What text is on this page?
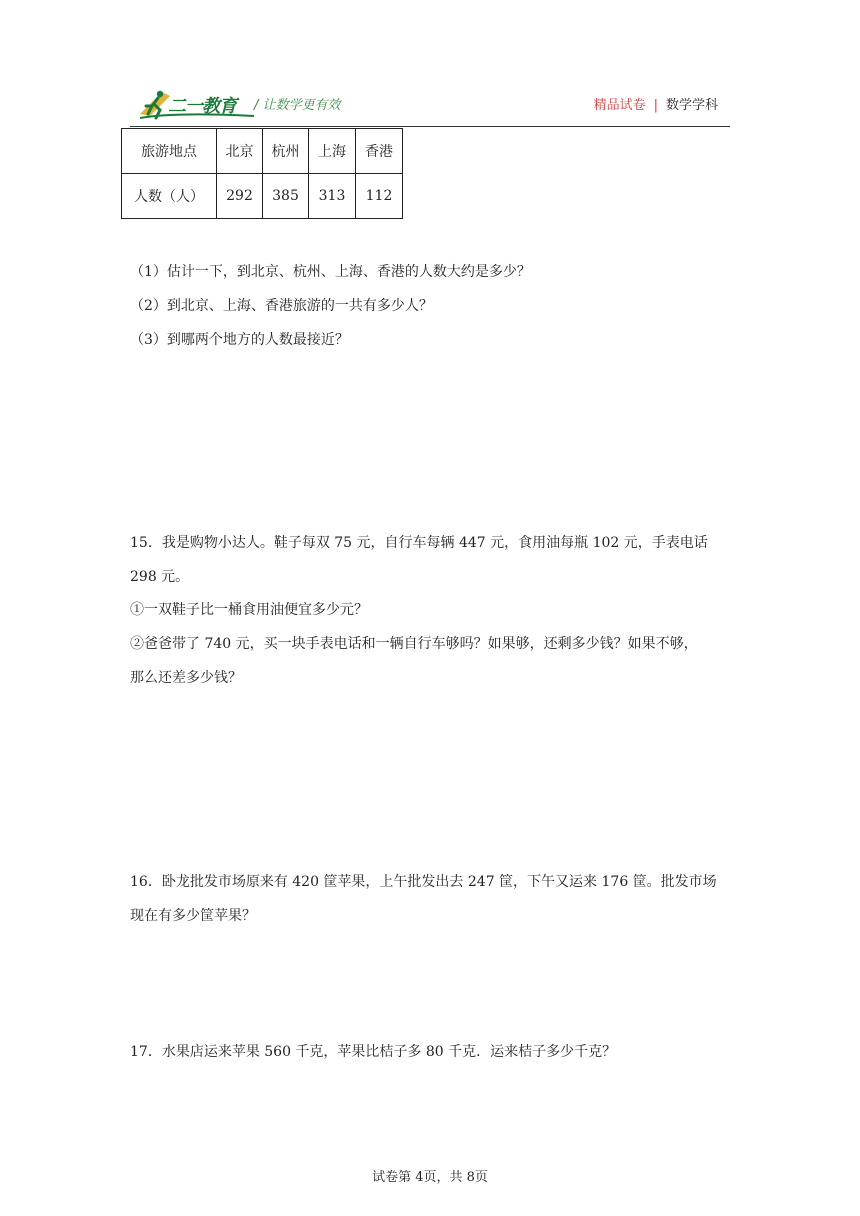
二一教育 / 让数学更有效	精品试卷 | 数学学科
旅游地点	北京	杭州	上海	香港
人数（人）	292	385	313	112
（1）估计一下，到北京、杭州、上海、香港的人数大约是多少？
（2）到北京、上海、香港旅游的一共有多少人？
（3）到哪两个地方的人数最接近？
15．我是购物小达人。鞋子每双 75 元，自行车每辆 447 元，食用油每瓶 102 元，手表电话
298 元。
①一双鞋子比一桶食用油便宜多少元？
②爸爸带了 740 元，买一块手表电话和一辆自行车够吗？如果够，还剩多少钱？如果不够，
那么还差多少钱？
16．卧龙批发市场原来有 420 筐苹果，上午批发出去 247 筐，下午又运来 176 筐。批发市场
现在有多少筐苹果？
17．水果店运来苹果 560 千克，苹果比桔子多 80 千克．运来桔子多少千克？
试卷第 4页，共 8页
